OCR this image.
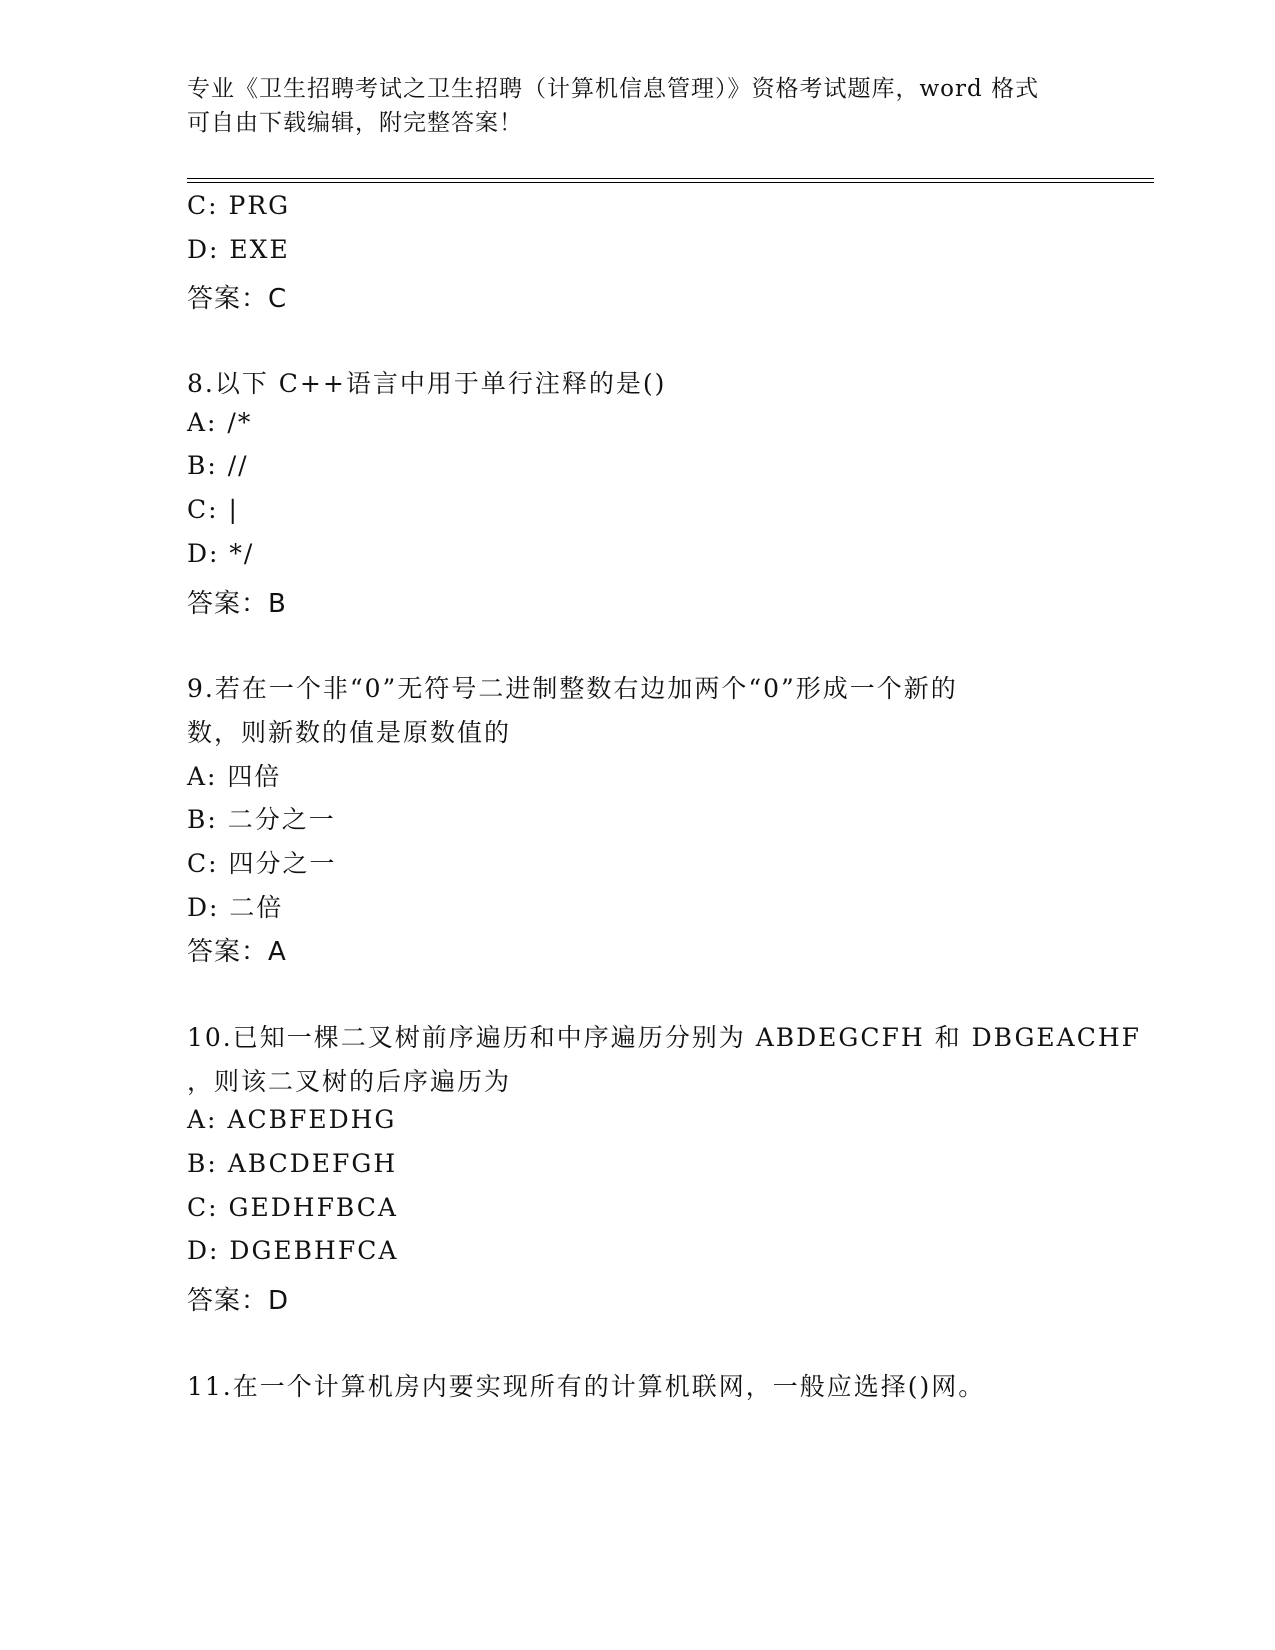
专业《卫生招聘考试之卫生招聘（计算机信息管理）》资格考试题库，word 格式
可自由下载编辑，附完整答案！
C: PRG
D: EXE
答案：C
8.以下 C++语言中用于单行注释的是()
A: /*
B: //
C: |
D: */
答案：B
9.若在一个非“0”无符号二进制整数右边加两个“0”形成一个新的
数，则新数的值是原数值的
A: 四倍
B: 二分之一
C: 四分之一
D: 二倍
答案：A
10.已知一棵二叉树前序遍历和中序遍历分别为 ABDEGCFH 和 DBGEACHF
，则该二叉树的后序遍历为
A: ACBFEDHG
B: ABCDEFGH
C: GEDHFBCA
D: DGEBHFCA
答案：D
11.在一个计算机房内要实现所有的计算机联网，一般应选择()网。
